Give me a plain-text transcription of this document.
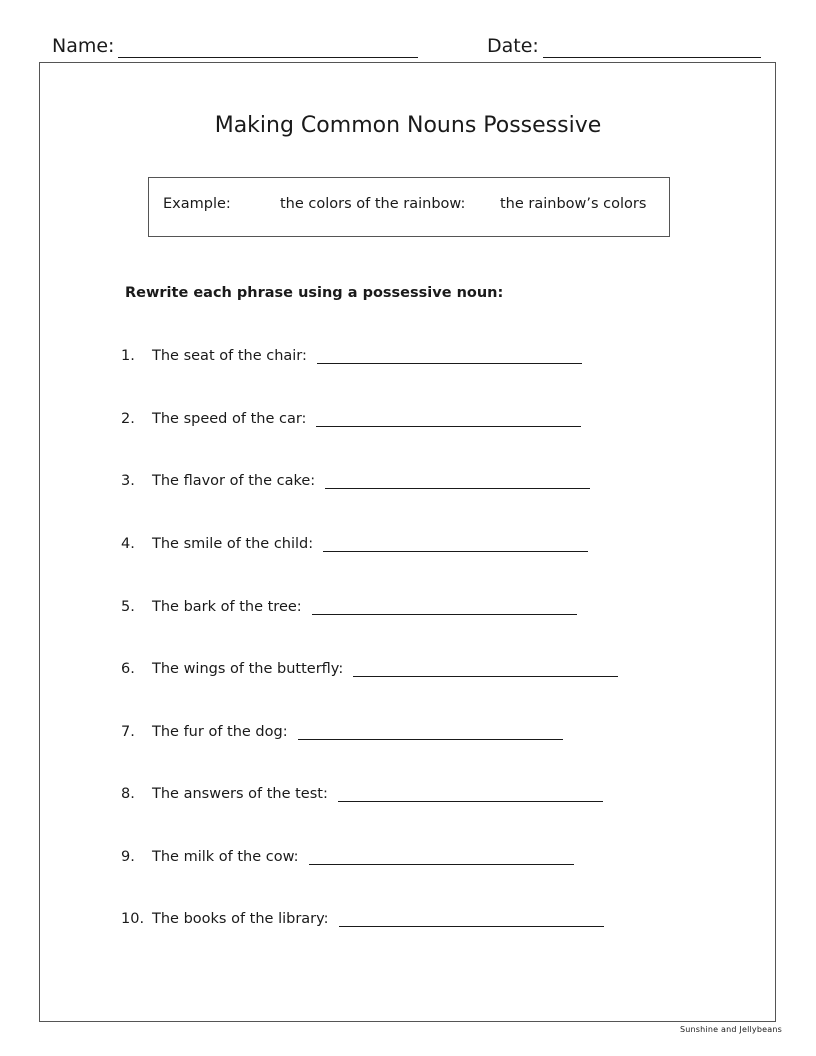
Name:	Date:
Making Common Nouns Possessive
Example:	the colors of the rainbow: the rainbow’s colors
Rewrite each phrase using a possessive noun:
1.	The seat of the chair:
2.	The speed of the car:
3.	The flavor of the cake:
4.	The smile of the child:
5.	The bark of the tree:
6.	The wings of the butterfly:
7.	The fur of the dog:
8.	The answers of the test:
9.	The milk of the cow:
10. The books of the library:
Sunshine and Jellybeans
